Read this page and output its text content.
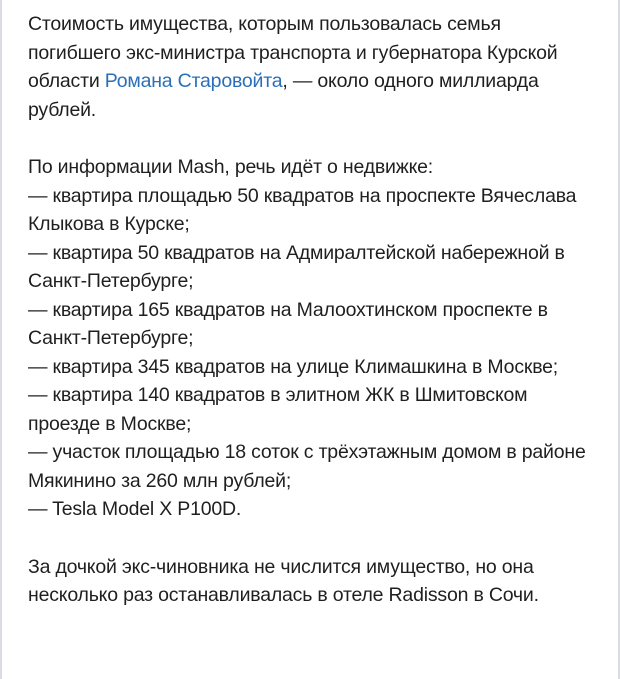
Стоимость имущества, которым пользовалась семья погибшего экс-министра транспорта и губернатора Курской области Романа Старовойта, — около одного миллиарда рублей.

По информации Mash, речь идёт о недвижке:
— квартира площадью 50 квадратов на проспекте Вячеслава Клыкова в Курске;
— квартира 50 квадратов на Адмиралтейской набережной в Санкт-Петербурге;
— квартира 165 квадратов на Малоохтинском проспекте в Санкт-Петербурге;
— квартира 345 квадратов на улице Климашкина в Москве;
— квартира 140 квадратов в элитном ЖК в Шмитовском проезде в Москве;
— участок площадью 18 соток с трёхэтажным домом в районе Мякинино за 260 млн рублей;
— Tesla Model X P100D.

За дочкой экс-чиновника не числится имущество, но она несколько раз останавливалась в отеле Radisson в Сочи.
